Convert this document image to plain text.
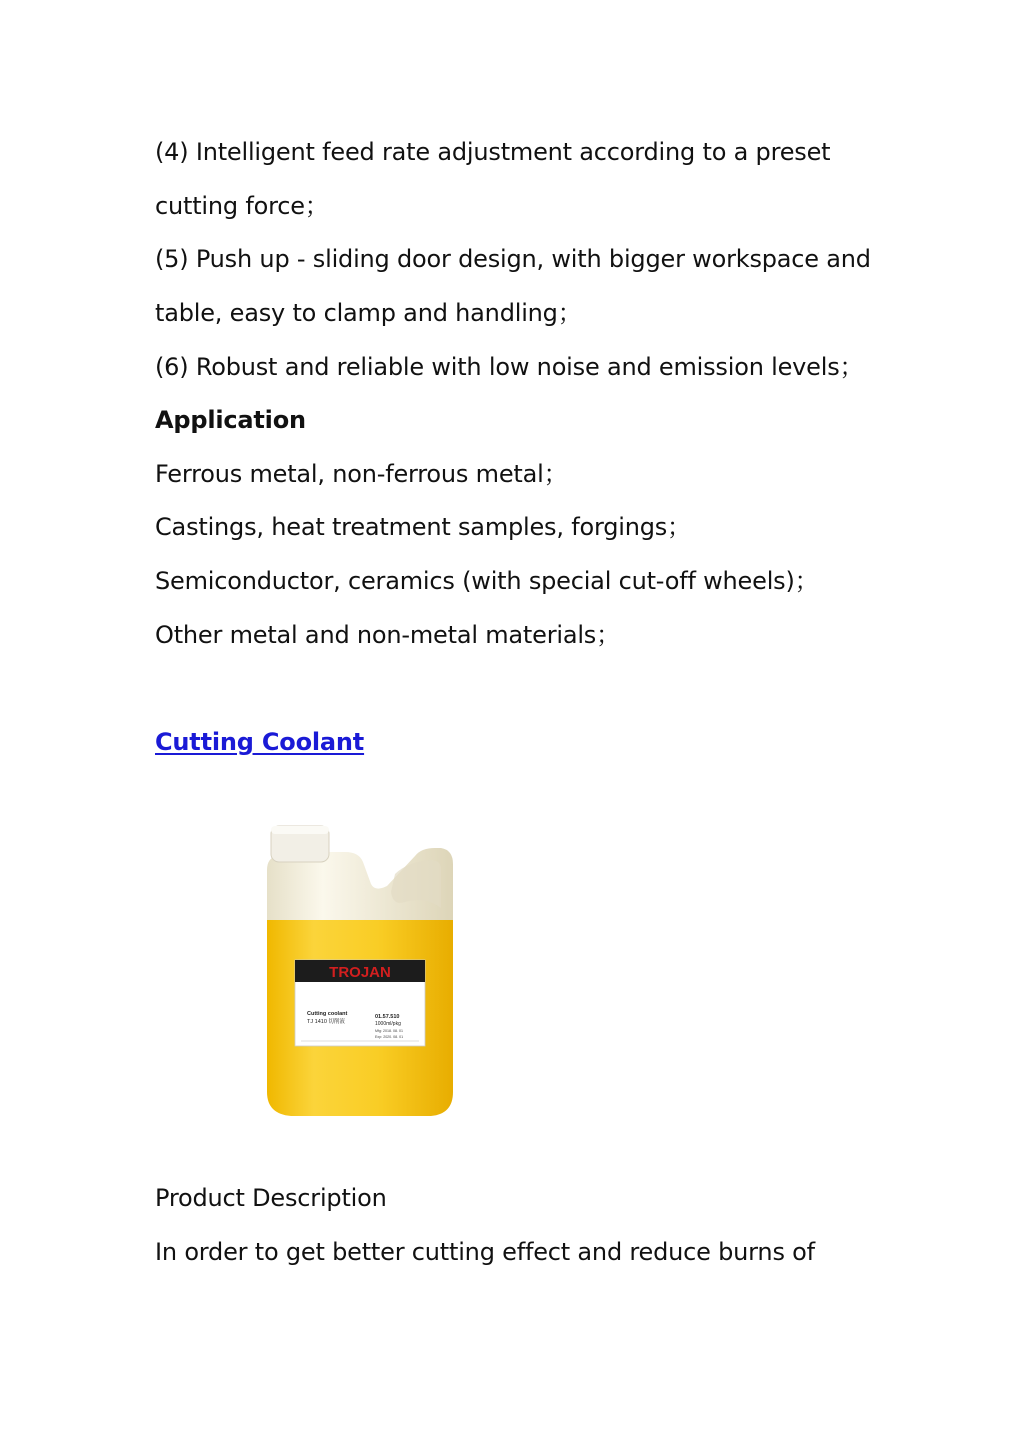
(4) Intelligent feed rate adjustment according to a preset
cutting force；
(5) Push up - sliding door design, with bigger workspace and
table, easy to clamp and handling；
(6) Robust and reliable with low noise and emission levels；
Application
Ferrous metal, non-ferrous metal；
Castings, heat treatment samples, forgings；
Semiconductor, ceramics (with special cut-off wheels)；
Other metal and non-metal materials；
Cutting Coolant
TROJAN
Cutting coolant
TJ 1410 切削液
01.57.510
1000ml/pkg
Mfg: 2018. 08. 01
Exp: 2020. 08. 01
Product Description
In order to get better cutting effect and reduce burns of
